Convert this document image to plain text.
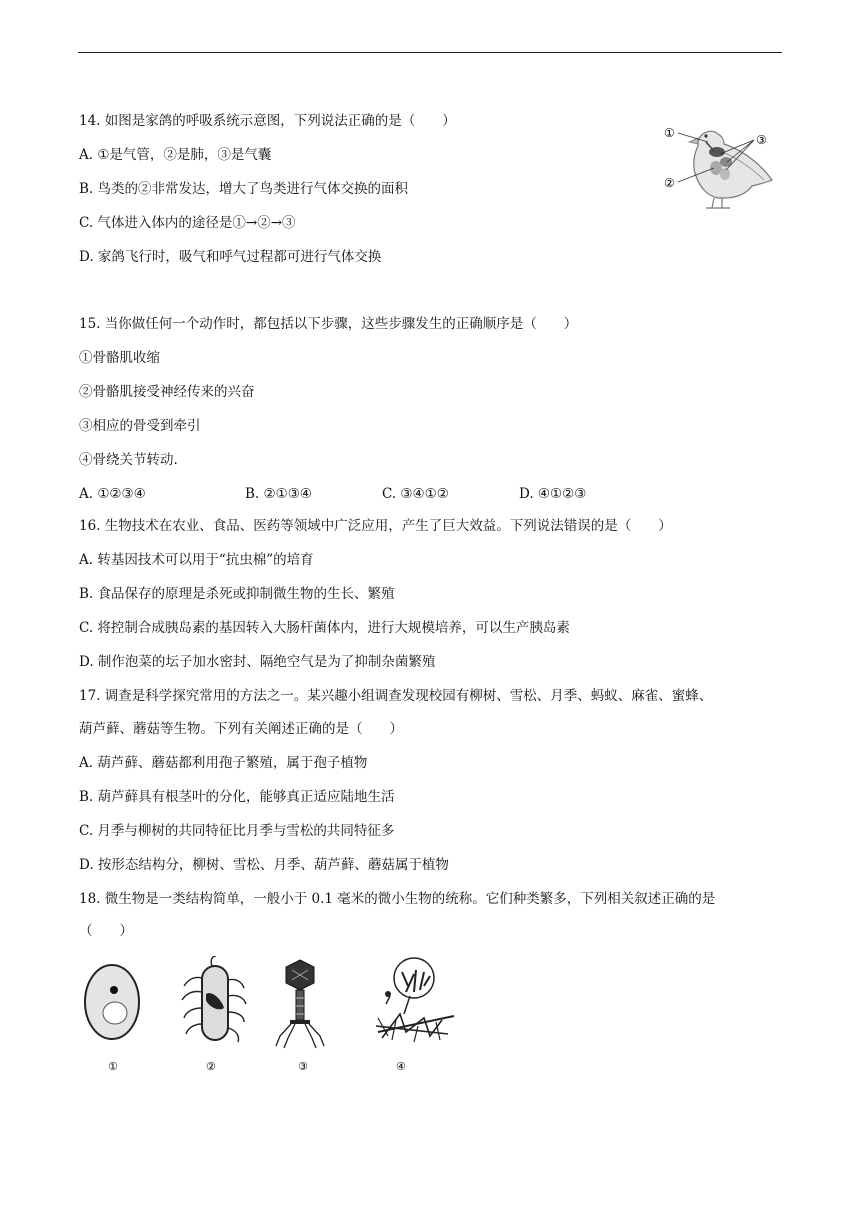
14. 如图是家鸽的呼吸系统示意图，下列说法正确的是（　　）
A. ①是气管，②是肺，③是气囊
B. 鸟类的②非常发达，增大了鸟类进行气体交换的面积
C. 气体进入体内的途径是①→②→③
D. 家鸽飞行时，吸气和呼气过程都可进行气体交换
①
②
③
15. 当你做任何一个动作时，都包括以下步骤，这些步骤发生的正确顺序是（　　）
①骨骼肌收缩
②骨骼肌接受神经传来的兴奋
③相应的骨受到牵引
④骨绕关节转动.
A. ①②③④	B. ②①③④	C. ③④①②	D. ④①②③
16. 生物技术在农业、食品、医药等领域中广泛应用，产生了巨大效益。下列说法错误的是（　　）
A. 转基因技术可以用于“抗虫棉”的培育
B. 食品保存的原理是杀死或抑制微生物的生长、繁殖
C. 将控制合成胰岛素的基因转入大肠杆菌体内，进行大规模培养，可以生产胰岛素
D. 制作泡菜的坛子加水密封、隔绝空气是为了抑制杂菌繁殖
17. 调查是科学探究常用的方法之一。某兴趣小组调查发现校园有柳树、雪松、月季、蚂蚁、麻雀、蜜蜂、
葫芦藓、蘑菇等生物。下列有关阐述正确的是（　　）
A. 葫芦藓、蘑菇都利用孢子繁殖，属于孢子植物
B. 葫芦藓具有根茎叶的分化，能够真正适应陆地生活
C. 月季与柳树的共同特征比月季与雪松的共同特征多
D. 按形态结构分，柳树、雪松、月季、葫芦藓、蘑菇属于植物
18. 微生物是一类结构简单，一般小于 0.1 毫米的微小生物的统称。它们种类繁多，下列相关叙述正确的是
（　　）
①	②	③	④
